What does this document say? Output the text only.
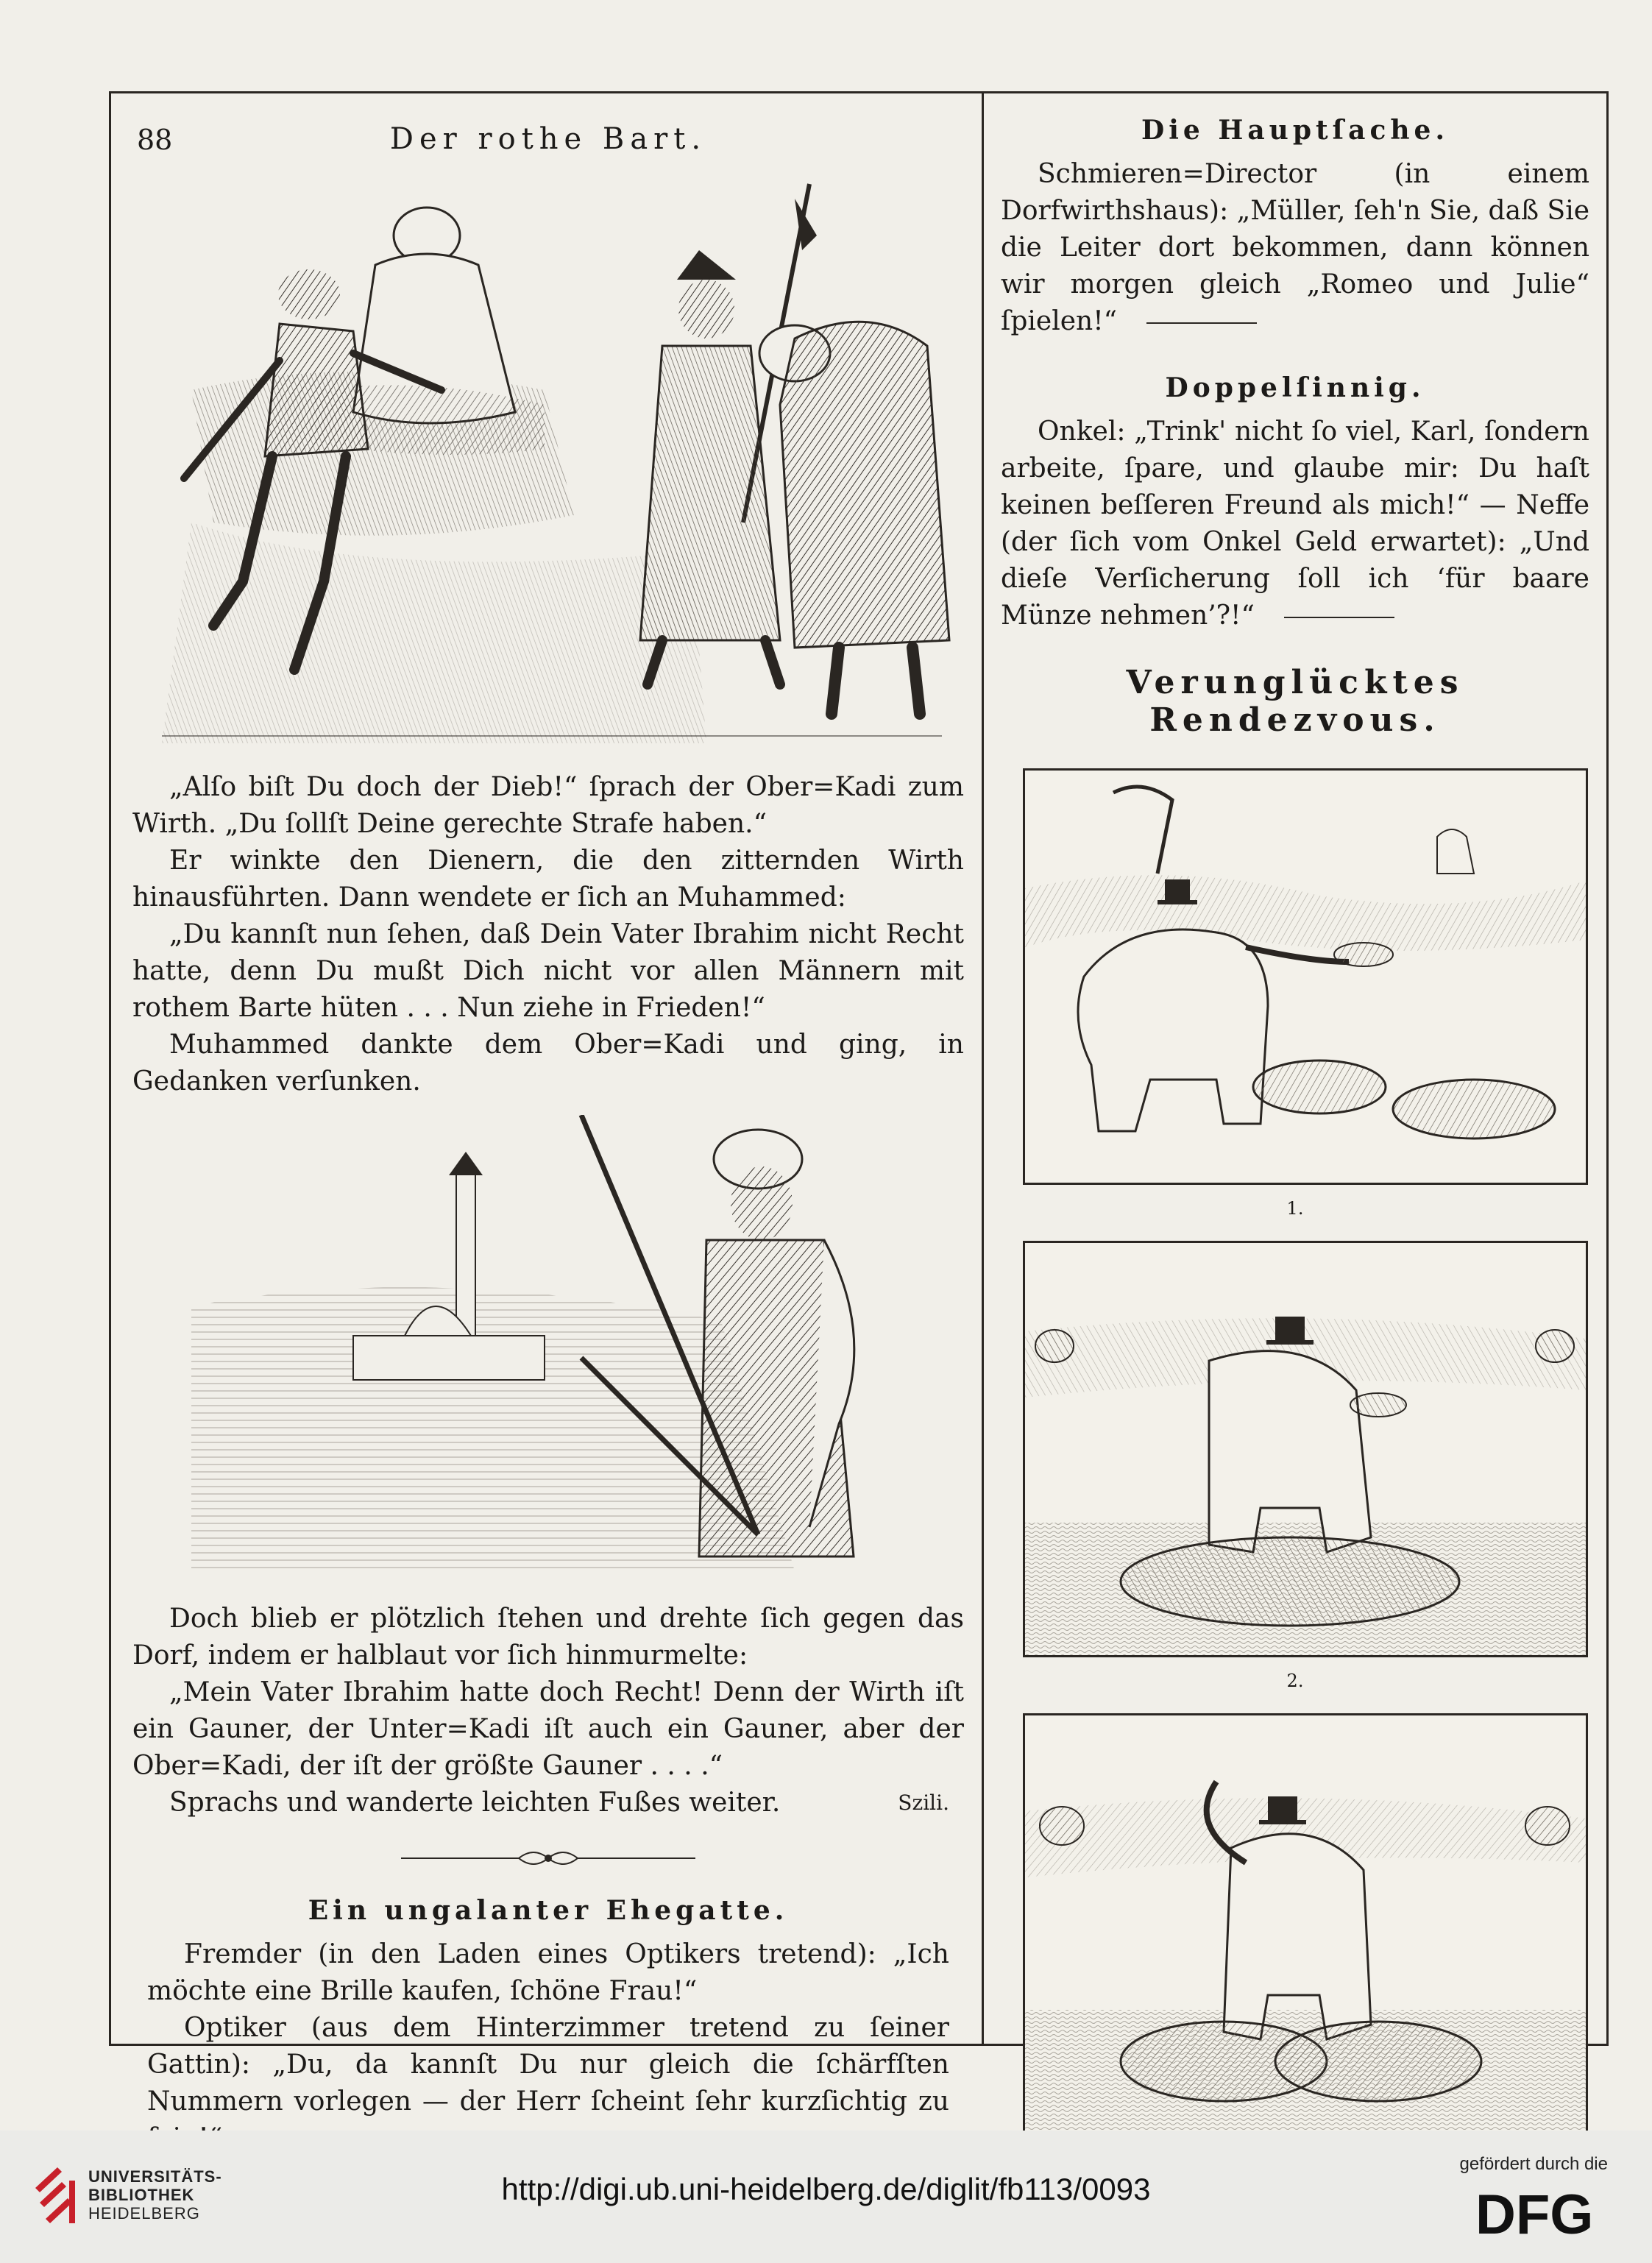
88	Der rothe Bart.

„Alſo biſt Du doch der Dieb!“ ſprach der Ober=Kadi zum Wirth. „Du ſollſt Deine gerechte Strafe haben.“

Er winkte den Dienern, die den zitternden Wirth hinausführten. Dann wendete er ſich an Muhammed:

„Du kannſt nun ſehen, daß Dein Vater Ibrahim nicht Recht hatte, denn Du mußt Dich nicht vor allen Männern mit rothem Barte hüten . . . Nun ziehe in Frieden!“

Muhammed dankte dem Ober=Kadi und ging, in Gedanken verſunken.

Doch blieb er plötzlich ſtehen und drehte ſich gegen das Dorf, indem er halblaut vor ſich hinmurmelte:

„Mein Vater Ibrahim hatte doch Recht! Denn der Wirth iſt ein Gauner, der Unter=Kadi iſt auch ein Gauner, aber der Ober=Kadi, der iſt der größte Gauner . . . .“

Sprachs und wanderte leichten Fußes weiter.	Szili.

Ein ungalanter Ehegatte.

Fremder (in den Laden eines Optikers tretend): „Ich möchte eine Brille kaufen, ſchöne Frau!“

Optiker (aus dem Hinterzimmer tretend zu ſeiner Gattin): „Du, da kannſt Du nur gleich die ſchärfſten Nummern vorlegen — der Herr ſcheint ſehr kurzſichtig zu

Die Hauptſache.

Schmieren=Director (in einem Dorfwirthshaus): „Müller, ſeh'n Sie, daß Sie die Leiter dort bekommen, dann können wir morgen gleich „Romeo und Julie“ ſpielen!“

Doppelſinnig.

Onkel: „Trink' nicht ſo viel, Karl, ſondern arbeite, ſpare, und glaube mir: Du haſt keinen beſſeren Freund als mich!“ — Neffe (der ſich vom Onkel Geld erwartet): „Und dieſe Verſicherung ſoll ich ‘für baare Münze nehmen’?!“

Verunglücktes Rendezvous.
1.
2.
UNIVERSITÄTS-
BIBLIOTHEK
HEIDELBERG
http://digi.ub.uni-heidelberg.de/diglit/fb113/0093
gefördert durch die
DFG
